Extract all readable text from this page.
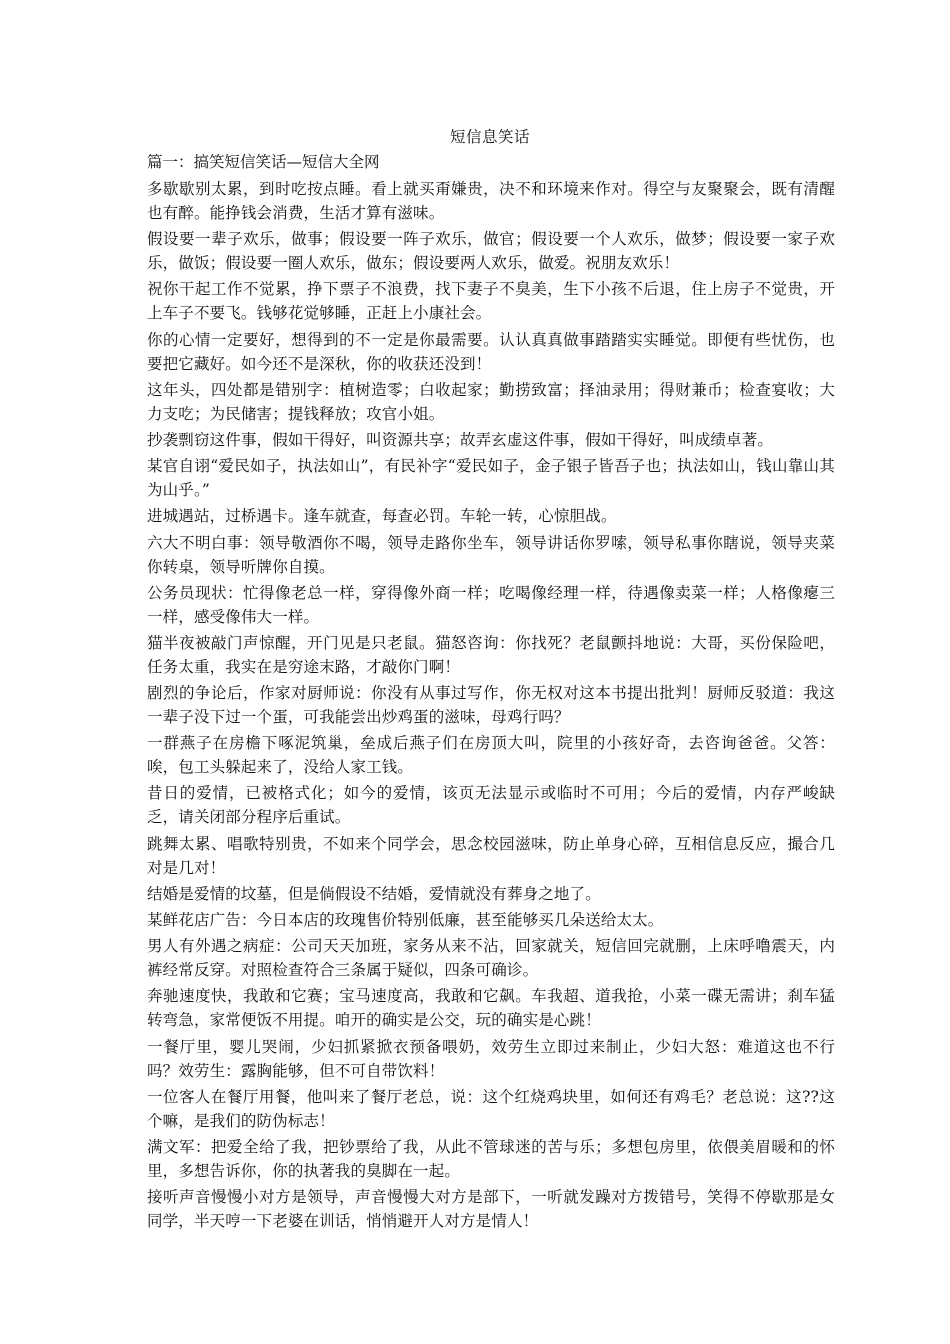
短信息笑话
篇一：搞笑短信笑话—短信大全网

多歇歇别太累，到时吃按点睡。看上就买甭嫌贵，决不和环境来作对。得空与友聚聚会，既有清醒也有醉。能挣钱会消费，生活才算有滋味。

假设要一辈子欢乐，做事；假设要一阵子欢乐，做官；假设要一个人欢乐，做梦；假设要一家子欢乐，做饭；假设要一圈人欢乐，做东；假设要两人欢乐，做爱。祝朋友欢乐！

祝你干起工作不觉累，挣下票子不浪费，找下妻子不臭美，生下小孩不后退，住上房子不觉贵，开上车子不要飞。钱够花觉够睡，正赶上小康社会。

你的心情一定要好，想得到的不一定是你最需要。认认真真做事踏踏实实睡觉。即便有些忧伤，也要把它藏好。如今还不是深秋，你的收获还没到！

这年头，四处都是错别字：植树造零；白收起家；勤捞致富；择油录用；得财兼币；检查宴收；大力支吃；为民储害；提钱释放；攻官小姐。

抄袭剽窃这件事，假如干得好，叫资源共享；故弄玄虚这件事，假如干得好，叫成绩卓著。

某官自诩“爱民如子，执法如山”，有民补字“爱民如子，金子银子皆吾子也；执法如山，钱山靠山其为山乎。”

进城遇站，过桥遇卡。逢车就查，每查必罚。车轮一转，心惊胆战。

六大不明白事：领导敬酒你不喝，领导走路你坐车，领导讲话你罗嗦，领导私事你瞎说，领导夹菜你转桌，领导听牌你自摸。

公务员现状：忙得像老总一样，穿得像外商一样；吃喝像经理一样，待遇像卖菜一样；人格像瘪三一样，感受像伟大一样。

猫半夜被敲门声惊醒，开门见是只老鼠。猫怒咨询：你找死？老鼠颤抖地说：大哥，买份保险吧，任务太重，我实在是穷途末路，才敲你门啊！

剧烈的争论后，作家对厨师说：你没有从事过写作，你无权对这本书提出批判！厨师反驳道：我这一辈子没下过一个蛋，可我能尝出炒鸡蛋的滋味，母鸡行吗？

一群燕子在房檐下啄泥筑巢，垒成后燕子们在房顶大叫，院里的小孩好奇，去咨询爸爸。父答：唉，包工头躲起来了，没给人家工钱。

昔日的爱情，已被格式化；如今的爱情，该页无法显示或临时不可用；今后的爱情，内存严峻缺乏，请关闭部分程序后重试。

跳舞太累、唱歌特别贵，不如来个同学会，思念校园滋味，防止单身心碎，互相信息反应，撮合几对是几对！

结婚是爱情的坟墓，但是倘假设不结婚，爱情就没有葬身之地了。

某鲜花店广告：今日本店的玫瑰售价特别低廉，甚至能够买几朵送给太太。

男人有外遇之病症：公司天天加班，家务从来不沾，回家就关，短信回完就删，上床呼噜震天，内裤经常反穿。对照检查符合三条属于疑似，四条可确诊。

奔驰速度快，我敢和它赛；宝马速度高，我敢和它飙。车我超、道我抢，小菜一碟无需讲；刹车猛转弯急，家常便饭不用提。咱开的确实是公交，玩的确实是心跳！

一餐厅里，婴儿哭闹，少妇抓紧掀衣预备喂奶，效劳生立即过来制止，少妇大怒：难道这也不行吗？效劳生：露胸能够，但不可自带饮料！

一位客人在餐厅用餐，他叫来了餐厅老总，说：这个红烧鸡块里，如何还有鸡毛？老总说：这??这个嘛，是我们的防伪标志！

满文军：把爱全给了我，把钞票给了我，从此不管球迷的苦与乐；多想包房里，依偎美眉暖和的怀里，多想告诉你，你的执著我的臭脚在一起。

接听声音慢慢小对方是领导，声音慢慢大对方是部下，一听就发躁对方拨错号，笑得不停歇那是女同学，半天哼一下老婆在训话，悄悄避开人对方是情人！
